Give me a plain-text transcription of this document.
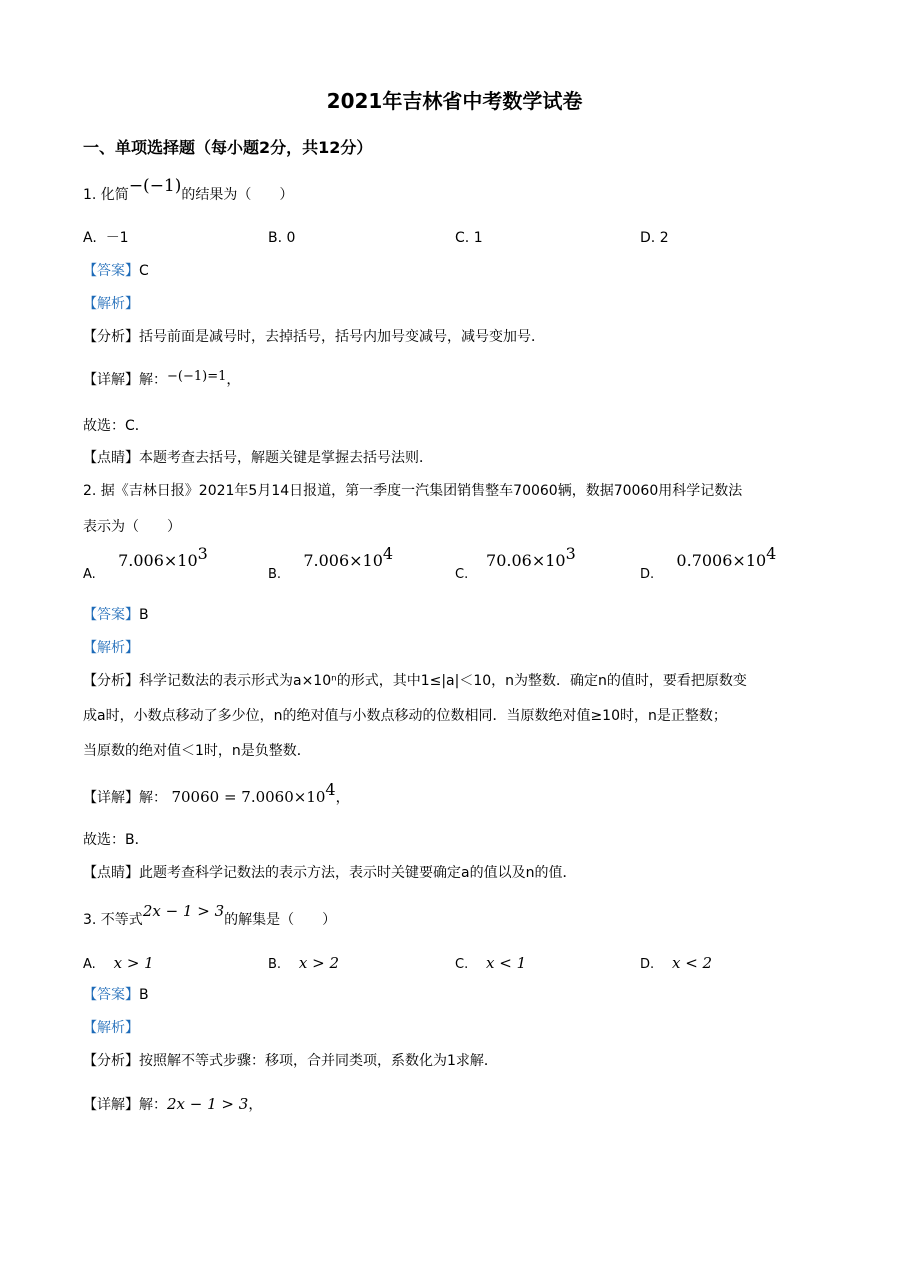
2021年吉林省中考数学试卷
一、单项选择题（每小题2分，共12分）
1. 化简−(−1)的结果为（　　）
A. －1	B. 0	C. 1	D. 2
【答案】C
【解析】
【分析】括号前面是减号时，去掉括号，括号内加号变减号，减号变加号．
【详解】解：−(−1)=1，
故选：C．
【点睛】本题考查去括号，解题关键是掌握去括号法则．
2. 据《吉林日报》2021年5月14日报道，第一季度一汽集团销售整车70060辆，数据70060用科学记数法
表示为（　　）
A.     $7.006\times 10^3$
B.     $7.006\times 10^4$
C.    $70.06\times 10^3$
D.     $0.7006\times 10^4$
【答案】B
【解析】
【分析】科学记数法的表示形式为a×10ⁿ的形式，其中1≤|a|＜10，n为整数．确定n的值时，要看把原数变
成a时，小数点移动了多少位，n的绝对值与小数点移动的位数相同．当原数绝对值≥10时，n是正整数；
当原数的绝对值＜1时，n是负整数．
【详解】解： $70060 = 7.0060\times 10^4$，
故选：B．
【点睛】此题考查科学记数法的表示方法，表示时关键要确定a的值以及n的值．
3. 不等式2x − 1 > 3的解集是（　　）
A. x > 1	B. x > 2	C. x < 1	D. x < 2
【答案】B
【解析】
【分析】按照解不等式步骤：移项，合并同类项，系数化为1求解．
【详解】解：2x − 1 > 3，
